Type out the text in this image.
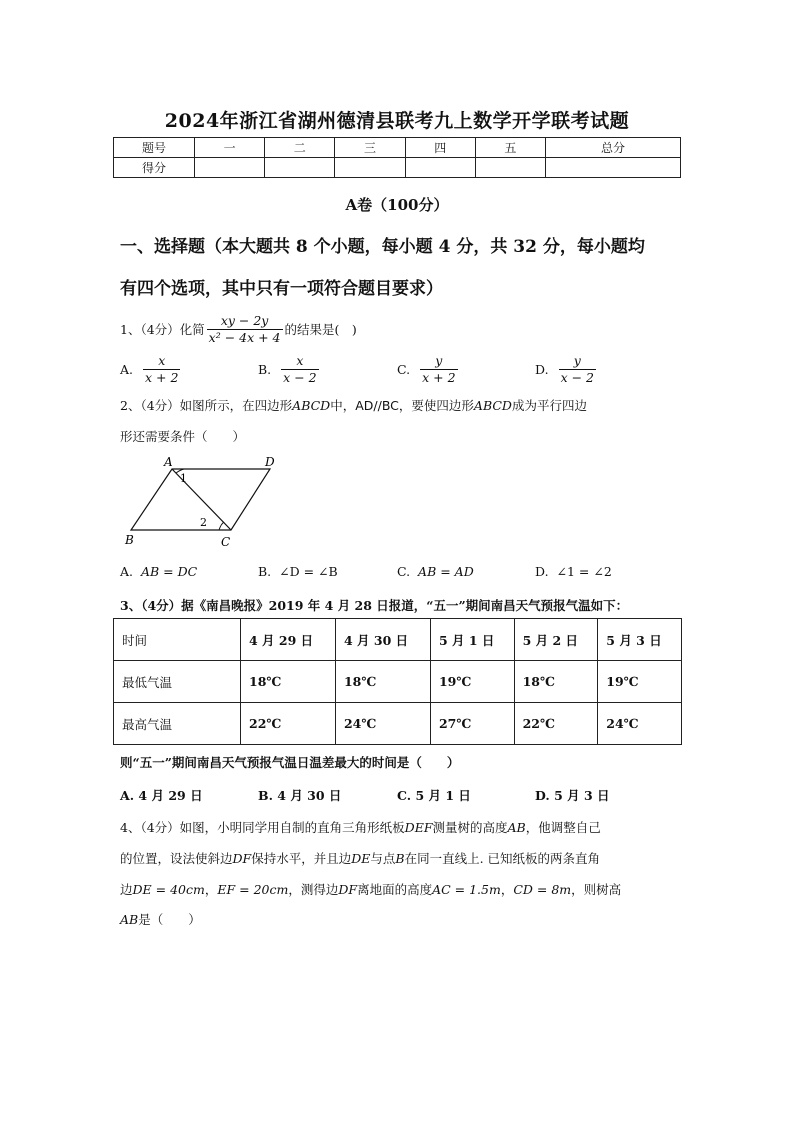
2024年浙江省湖州德清县联考九上数学开学联考试题
题号	一	二	三	四	五	总分
得分						
A卷（100分）
一、选择题（本大题共 8 个小题，每小题 4 分，共 32 分，每小题均
有四个选项，其中只有一项符合题目要求）
1、（4分）化简 $\frac{xy - 2y}{\text{x² − 4x + 4}}$ 的结果是(　)
A. $\frac{x}{x + 2}$	B. $\frac{x}{x - 2}$	C. $\frac{y}{x + 2}$	D. $\frac{y}{x - 2}$
2、（4分）如图所示，在四边形ABCD中，AD//BC，要使四边形ABCD成为平行四边
形还需要条件（　　）
A	D
B	C
1
2
A. AB = DC	B. ∠D = ∠B	C. AB = AD	D. ∠1 = ∠2
3、（4分）据《南昌晚报》2019 年 4 月 28 日报道，“五一”期间南昌天气预报气温如下：
时间	4 月 29 日	4 月 30 日	5 月 1 日	5 月 2 日	5 月 3 日
最低气温	18℃	18℃	19℃	18℃	19℃
最高气温	22℃	24℃	27℃	22℃	24℃
则“五一”期间南昌天气预报气温日温差最大的时间是（　　）
A. 4 月 29 日	B. 4 月 30 日	C. 5 月 1 日	D. 5 月 3 日
4、（4分）如图，小明同学用自制的直角三角形纸板DEF测量树的高度AB，他调整自己
的位置，设法使斜边DF保持水平，并且边DE与点B在同一直线上. 已知纸板的两条直角
边DE = 40cm，EF = 20cm，测得边DF离地面的高度AC = 1.5m，CD = 8m，则树高
AB是（　　）
